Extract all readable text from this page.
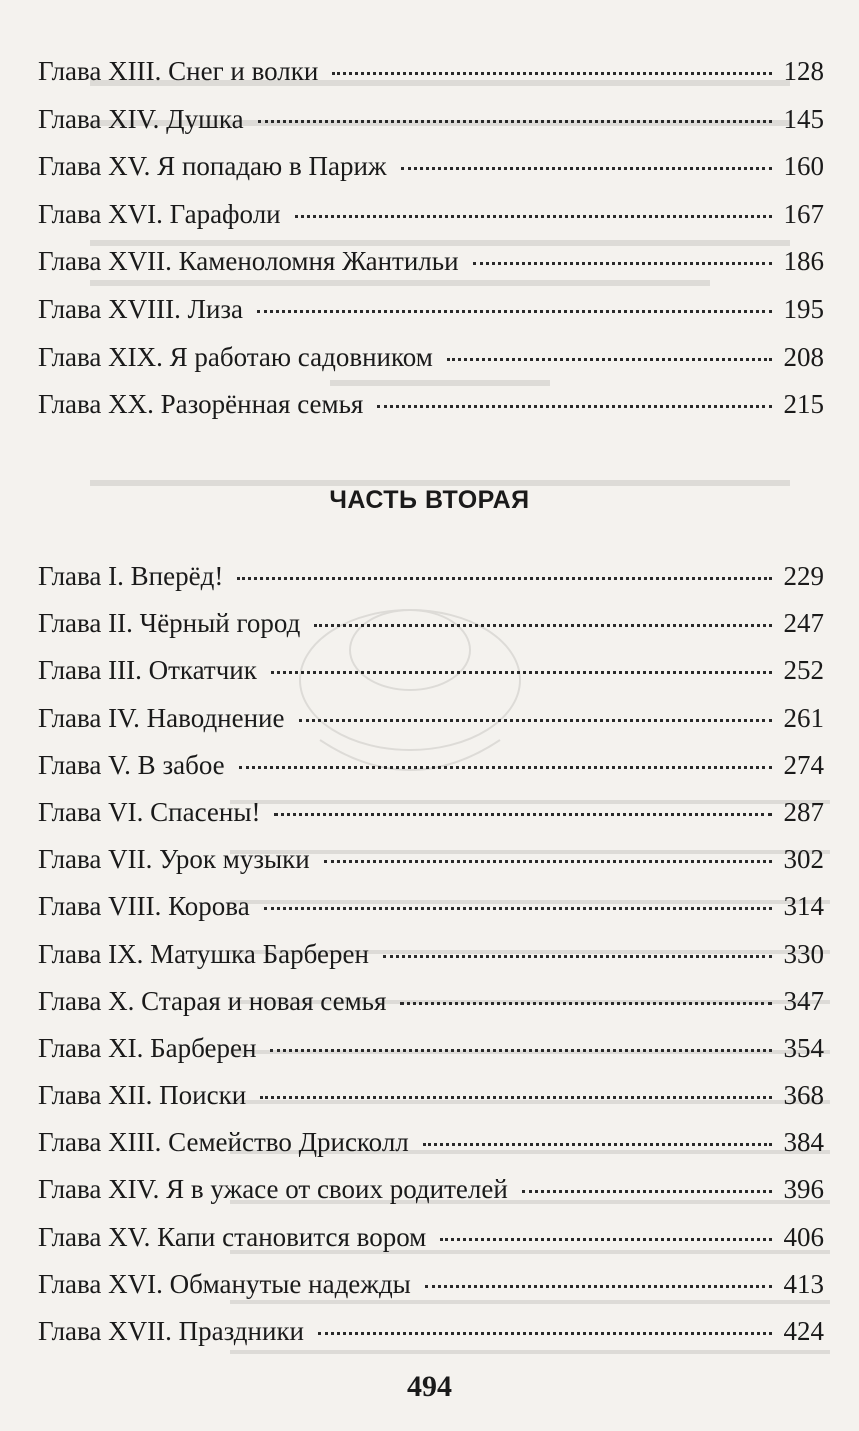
Глава XIII. Снег и волки	128
Глава XIV. Душка	145
Глава XV. Я попадаю в Париж	160
Глава XVI. Гарафоли	167
Глава XVII. Каменоломня Жантильи	186
Глава XVIII. Лиза	195
Глава XIX. Я работаю садовником	208
Глава XX. Разорённая семья	215
ЧАСТЬ ВТОРАЯ
Глава I. Вперёд!	229
Глава II. Чёрный город	247
Глава III. Откатчик	252
Глава IV. Наводнение	261
Глава V. В забое	274
Глава VI. Спасены!	287
Глава VII. Урок музыки	302
Глава VIII. Корова	314
Глава IX. Матушка Барберен	330
Глава X. Старая и новая семья	347
Глава XI. Барберен	354
Глава XII. Поиски	368
Глава XIII. Семейство Дрисколл	384
Глава XIV. Я в ужасе от своих родителей	396
Глава XV. Капи становится вором	406
Глава XVI. Обманутые надежды	413
Глава XVII. Праздники	424
494
